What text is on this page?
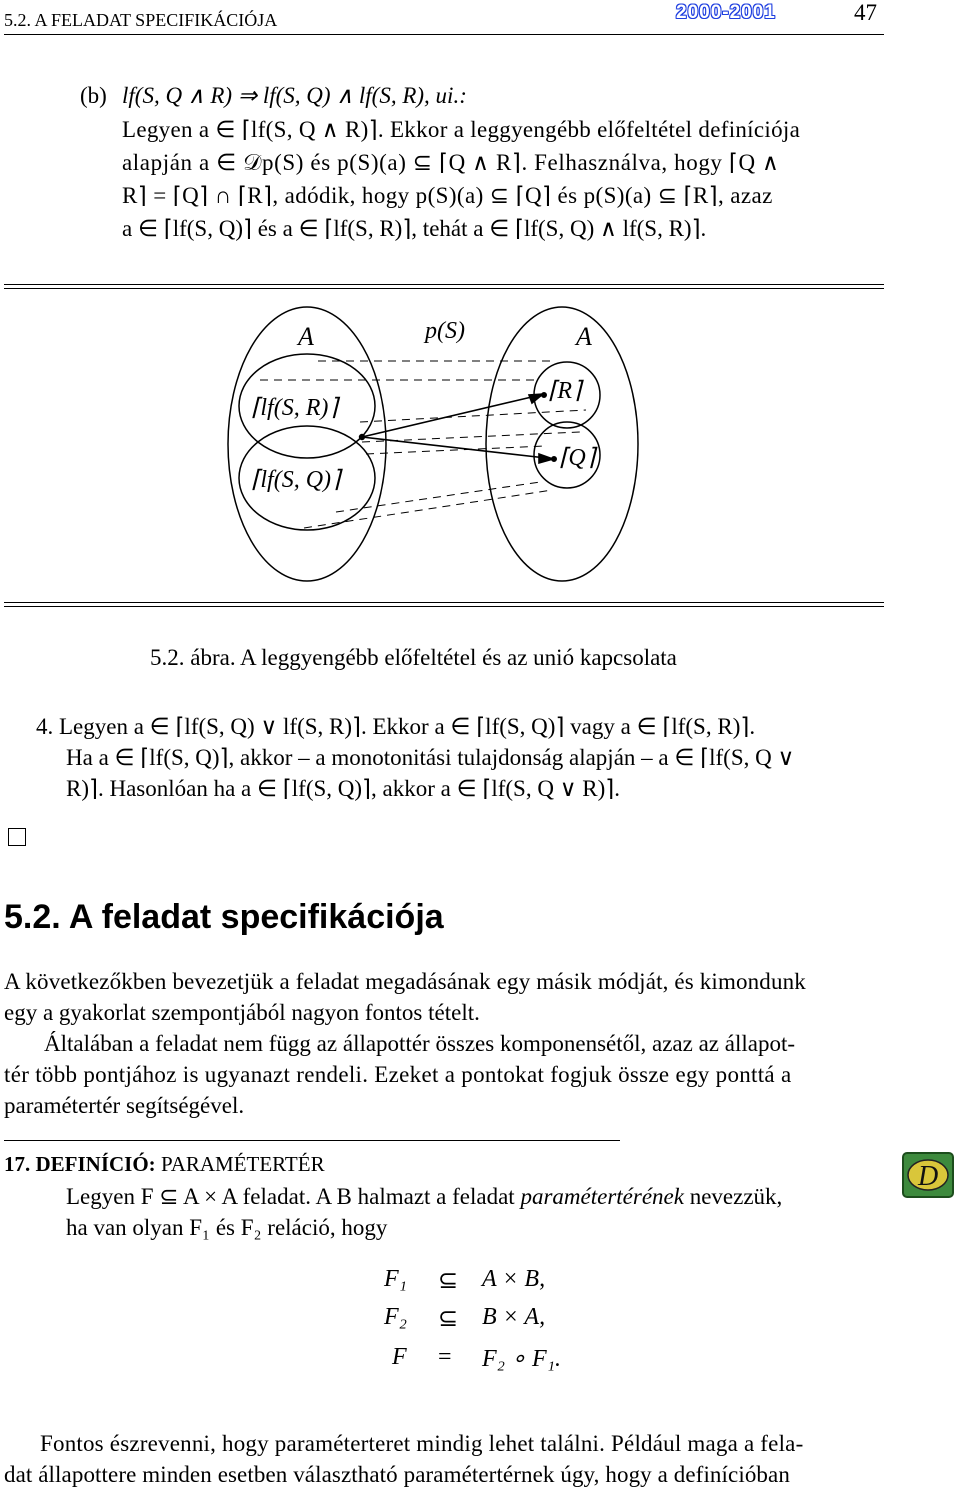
5.2. A FELADAT SPECIFIKÁCIÓJA	2000-2001	47
(b) lf(S, Q ∧ R) ⇒ lf(S, Q) ∧ lf(S, R), ui.:
Legyen a ∈ ⌈lf(S, Q ∧ R)⌉. Ekkor a leggyengébb előfeltétel definíciója
alapján a ∈ 𝒟p(S) és p(S)(a) ⊆ ⌈Q ∧ R⌉. Felhasználva, hogy ⌈Q ∧
R⌉ = ⌈Q⌉ ∩ ⌈R⌉, adódik, hogy p(S)(a) ⊆ ⌈Q⌉ és p(S)(a) ⊆ ⌈R⌉, azaz
a ∈ ⌈lf(S, Q)⌉ és a ∈ ⌈lf(S, R)⌉, tehát a ∈ ⌈lf(S, Q) ∧ lf(S, R)⌉.
A	p(S)	A
⌈lf(S, R)⌉
⌈lf(S, Q)⌉
⌈R⌉
⌈Q⌉
5.2. ábra. A leggyengébb előfeltétel és az unió kapcsolata
4. Legyen a ∈ ⌈lf(S, Q) ∨ lf(S, R)⌉. Ekkor a ∈ ⌈lf(S, Q)⌉ vagy a ∈ ⌈lf(S, R)⌉.
Ha a ∈ ⌈lf(S, Q)⌉, akkor – a monotonitási tulajdonság alapján – a ∈ ⌈lf(S, Q ∨
R)⌉. Hasonlóan ha a ∈ ⌈lf(S, Q)⌉, akkor a ∈ ⌈lf(S, Q ∨ R)⌉.
5.2. A feladat specifikációja
A következőkben bevezetjük a feladat megadásának egy másik módját, és kimondunk
egy a gyakorlat szempontjából nagyon fontos tételt.
Általában a feladat nem függ az állapottér összes komponensétől, azaz az állapot-
tér több pontjához is ugyanazt rendeli. Ezeket a pontokat fogjuk össze egy ponttá a
paramétertér segítségével.
17. DEFINÍCIÓ: PARAMÉTERTÉR	D
Legyen F ⊆ A × A feladat. A B halmazt a feladat paramétertérének nevezzük,
ha van olyan F₁ és F₂ reláció, hogy
F₁ ⊆ A × B,
F₂ ⊆ B × A,
F = F₂ ∘ F₁.
Fontos észrevenni, hogy paraméterteret mindig lehet találni. Például maga a fela-
dat állapottere minden esetben választható paramétertérnek úgy, hogy a definícióban
